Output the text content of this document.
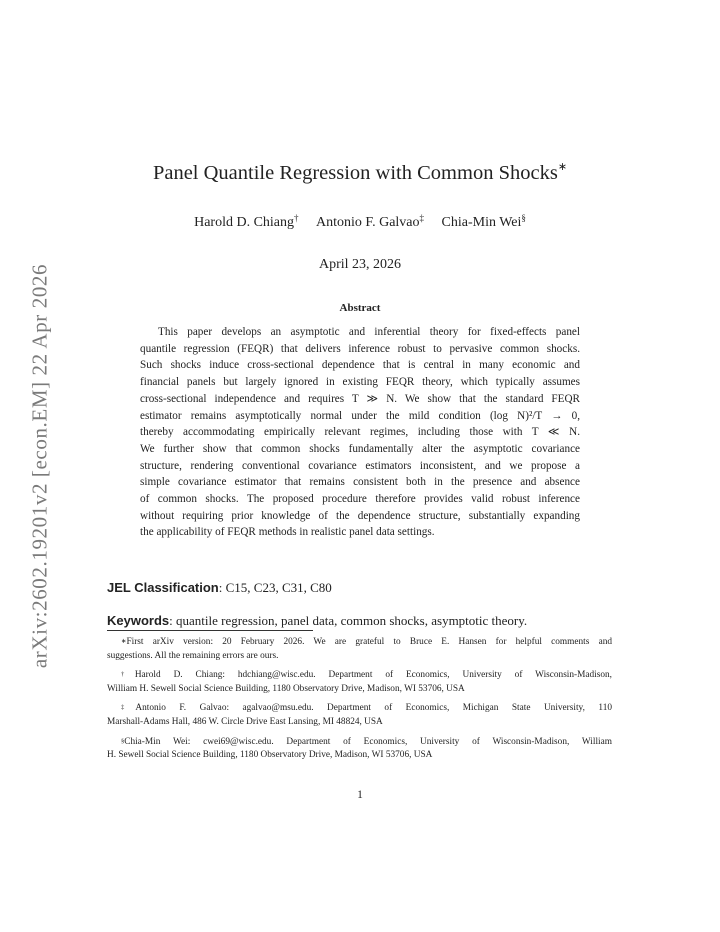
arXiv:2602.19201v2 [econ.EM] 22 Apr 2026
Panel Quantile Regression with Common Shocks∗
Harold D. Chiang† Antonio F. Galvao‡ Chia-Min Wei§
April 23, 2026
Abstract
This paper develops an asymptotic and inferential theory for fixed-effects panel
quantile regression (FEQR) that delivers inference robust to pervasive common shocks.
Such shocks induce cross-sectional dependence that is central in many economic and
financial panels but largely ignored in existing FEQR theory, which typically assumes
cross-sectional independence and requires T ≫ N. We show that the standard FEQR
estimator remains asymptotically normal under the mild condition (log N)²/T → 0,
thereby accommodating empirically relevant regimes, including those with T ≪ N.
We further show that common shocks fundamentally alter the asymptotic covariance
structure, rendering conventional covariance estimators inconsistent, and we propose a
simple covariance estimator that remains consistent both in the presence and absence
of common shocks. The proposed procedure therefore provides valid robust inference
without requiring prior knowledge of the dependence structure, substantially expanding
the applicability of FEQR methods in realistic panel data settings.
JEL Classification: C15, C23, C31, C80
Keywords: quantile regression, panel data, common shocks, asymptotic theory.
∗First arXiv version: 20 February 2026. We are grateful to Bruce E. Hansen for helpful comments and
suggestions. All the remaining errors are ours.
†Harold D. Chiang: hdchiang@wisc.edu. Department of Economics, University of Wisconsin-Madison,
William H. Sewell Social Science Building, 1180 Observatory Drive, Madison, WI 53706, USA
‡Antonio F. Galvao: agalvao@msu.edu. Department of Economics, Michigan State University, 110
Marshall-Adams Hall, 486 W. Circle Drive East Lansing, MI 48824, USA
§Chia-Min Wei: cwei69@wisc.edu. Department of Economics, University of Wisconsin-Madison, William
H. Sewell Social Science Building, 1180 Observatory Drive, Madison, WI 53706, USA
1
